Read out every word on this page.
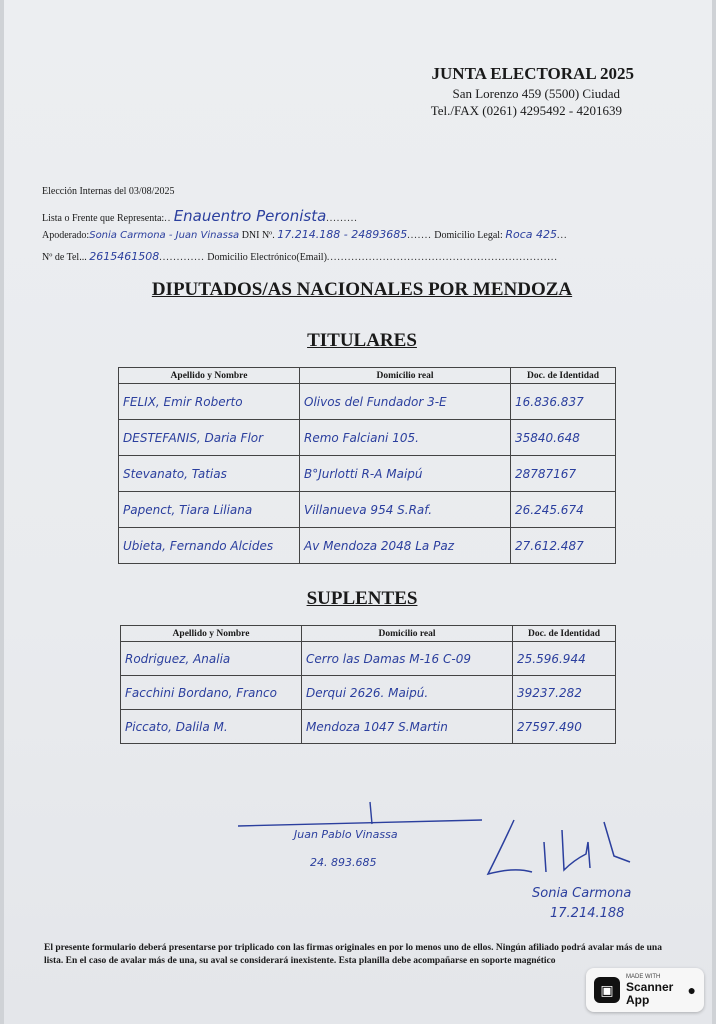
JUNTA ELECTORAL 2025
San Lorenzo 459 (5500) Ciudad
Tel./FAX (0261) 4295492 - 4201639
Elección Internas del 03/08/2025
Lista o Frente que Representa:.. Enauentro Peronista.........
Apoderado:Sonia Carmona - Juan Vinassa DNI Nº. 17.214.188 - 24893685....... Domicilio Legal: Roca 425...
Nº de Tel... 2615461508............. Domicilio Electrónico(Email)..................................................................
DIPUTADOS/AS NACIONALES POR MENDOZA
TITULARES
Apellido y Nombre	Domicilio real	Doc. de Identidad
FELIX, Emir Roberto	Olivos del Fundador 3-E	16.836.837
DESTEFANIS, Daria Flor	Remo Falciani 105.	35840.648
Stevanato, Tatias	B°Jurlotti R-A Maipú	28787167
Papenct, Tiara Liliana	Villanueva 954 S.Raf.	26.245.674
Ubieta, Fernando Alcides	Av Mendoza 2048 La Paz	27.612.487
SUPLENTES
Apellido y Nombre	Domicilio real	Doc. de Identidad
Rodriguez, Analia	Cerro las Damas M-16 C-09	25.596.944
Facchini Bordano, Franco	Derqui 2626. Maipú.	39237.282
Piccato, Dalila M.	Mendoza 1047 S.Martin	27597.490
Juan Pablo Vinassa
24. 893.685
Sonia Carmona
17.214.188
El presente formulario deberá presentarse por triplicado con las firmas originales en por lo menos uno de ellos. Ningún afiliado podrá avalar más de una lista. En el caso de avalar más de una, su aval se considerará inexistente. Esta planilla debe acompañarse en soporte magnético
▣
MADE WITH
Scanner
App
●
